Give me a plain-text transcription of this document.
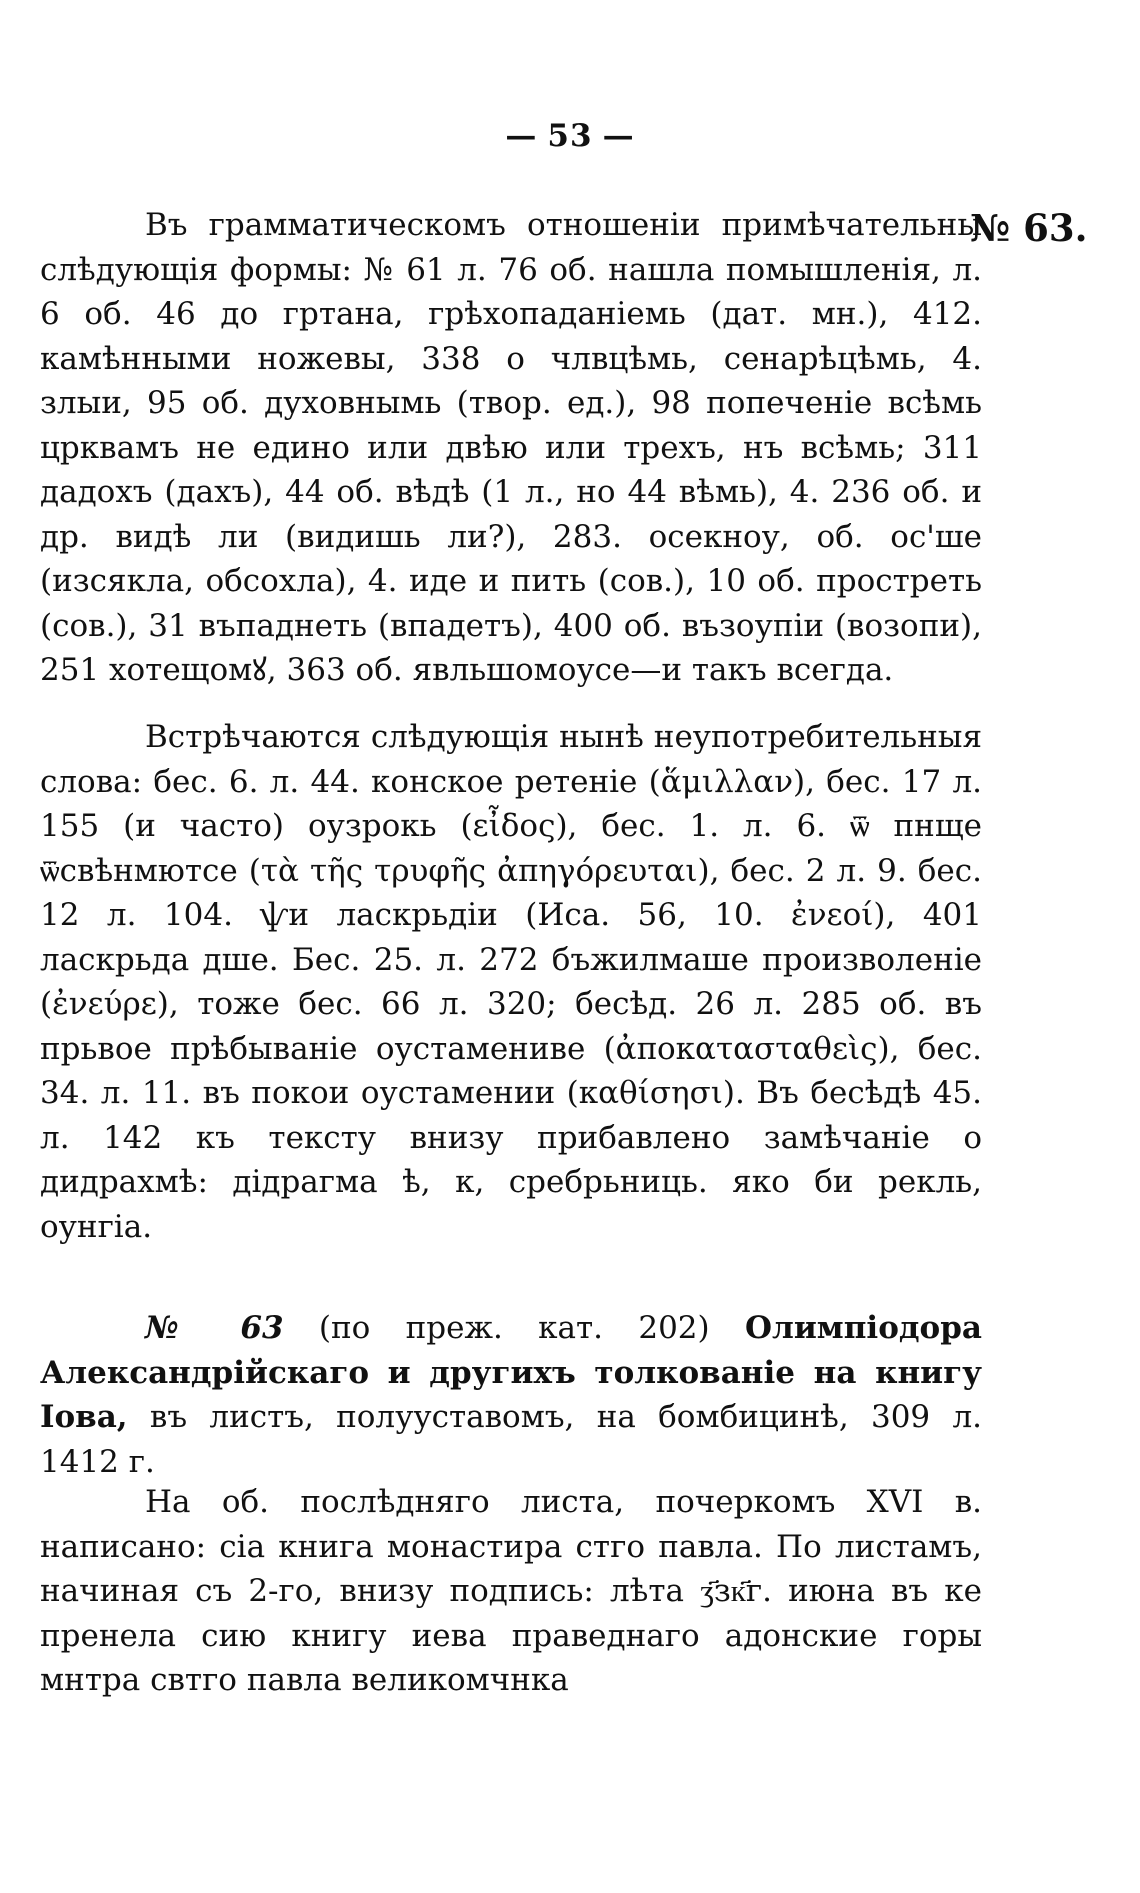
— 53 —
№ 63.

Въ грамматическомъ отношеніи примѣчательны слѣдующія формы: № 61 л. 76 об. нашла помышленія, л. 6 об. 46 до гртана, грѣхопаданіемь (дат. мн.), 412. камѣнными ножевы, 338 о члвцѣмь, сенарѣцѣмь, 4. злыи, 95 об. духовнымь (твор. ед.), 98 попеченіе всѣмь црквамъ не едино или двѣю или трехъ, нъ всѣмь; 311 дадохъ (дахъ), 44 об. вѣдѣ (1 л., но 44 вѣмь), 4. 236 об. и др. видѣ ли (видишь ли?), 283. осекноу, об. ос'ше (изсякла, обсохла), 4. иде и пить (сов.), 10 об. простреть (сов.), 31 въпаднеть (впадетъ), 400 об. възоупіи (возопи), 251 хотещомꙋ, 363 об. явльшомоусе—и такъ всегда.

Встрѣчаются слѣдующія нынѣ неупотребительныя слова: бес. 6. л. 44. конское ретеніе (ἅμιλλαν), бес. 17 л. 155 (и часто) оузрокь (εἶδος), бес. 1. л. 6. ѿ пнще ѿсвѣнмютсе (τὰ τῆς τρυφῆς ἀπηγόρευται), бес. 2 л. 9. бес. 12 л. 104. ѱи ласкрьдіи (Иса. 56, 10. ἐνεοί), 401 ласкрьда дше. Бес. 25. л. 272 бъжилмаше произволеніе (ἐνεύρε), тоже бес. 66 л. 320; бесѣд. 26 л. 285 об. въ прьвое прѣбываніе оустамениве (ἀποκατασταθεὶς), бес. 34. л. 11. въ покои оустамении (καθίσησι). Въ бесѣдѣ 45. л. 142 къ тексту внизу прибавлено замѣчаніе о дидрахмѣ: дідрагма ѣ, к, сребрьниць. яко би рекль, оунгіа.

№ 63 (по преж. кат. 202) Олимпіодора Александрійскаго и другихъ толкованіе на книгу Іова, въ листъ, полууставомъ, на бомбицинѣ, 309 л. 1412 г.

На об. послѣдняго листа, почеркомъ XVI в. написано: сіа книга монастира стго павла. По листамъ, начиная съ 2-го, внизу подпись: лѣта ӡ҃зк҃г. июна въ ке пренела сию книгу иева праведнаго адонские горы мнтра свтго павла великомчнка
